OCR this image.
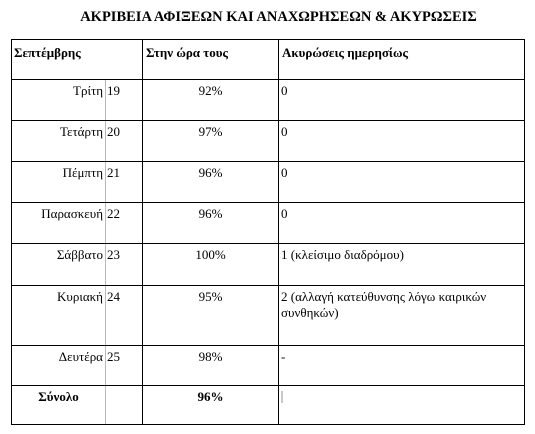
ΑΚΡΙΒΕΙΑ ΑΦΙΞΕΩΝ ΚΑΙ ΑΝΑΧΩΡΗΣΕΩΝ & ΑΚΥΡΩΣΕΙΣ
Σεπτέμβρης		Στην ώρα τους	Ακυρώσεις ημερησίως
Τρίτη	19	92%	0
Τετάρτη	20	97%	0
Πέμπτη	21	96%	0
Παρασκευή	22	96%	0
Σάββατο	23	100%	1 (κλείσιμο διαδρόμου)
Κυριακή	24	95%	2 (αλλαγή κατεύθυνσης λόγω καιρικών συνθηκών)
Δευτέρα	25	98%	-
Σύνολο		96%	
